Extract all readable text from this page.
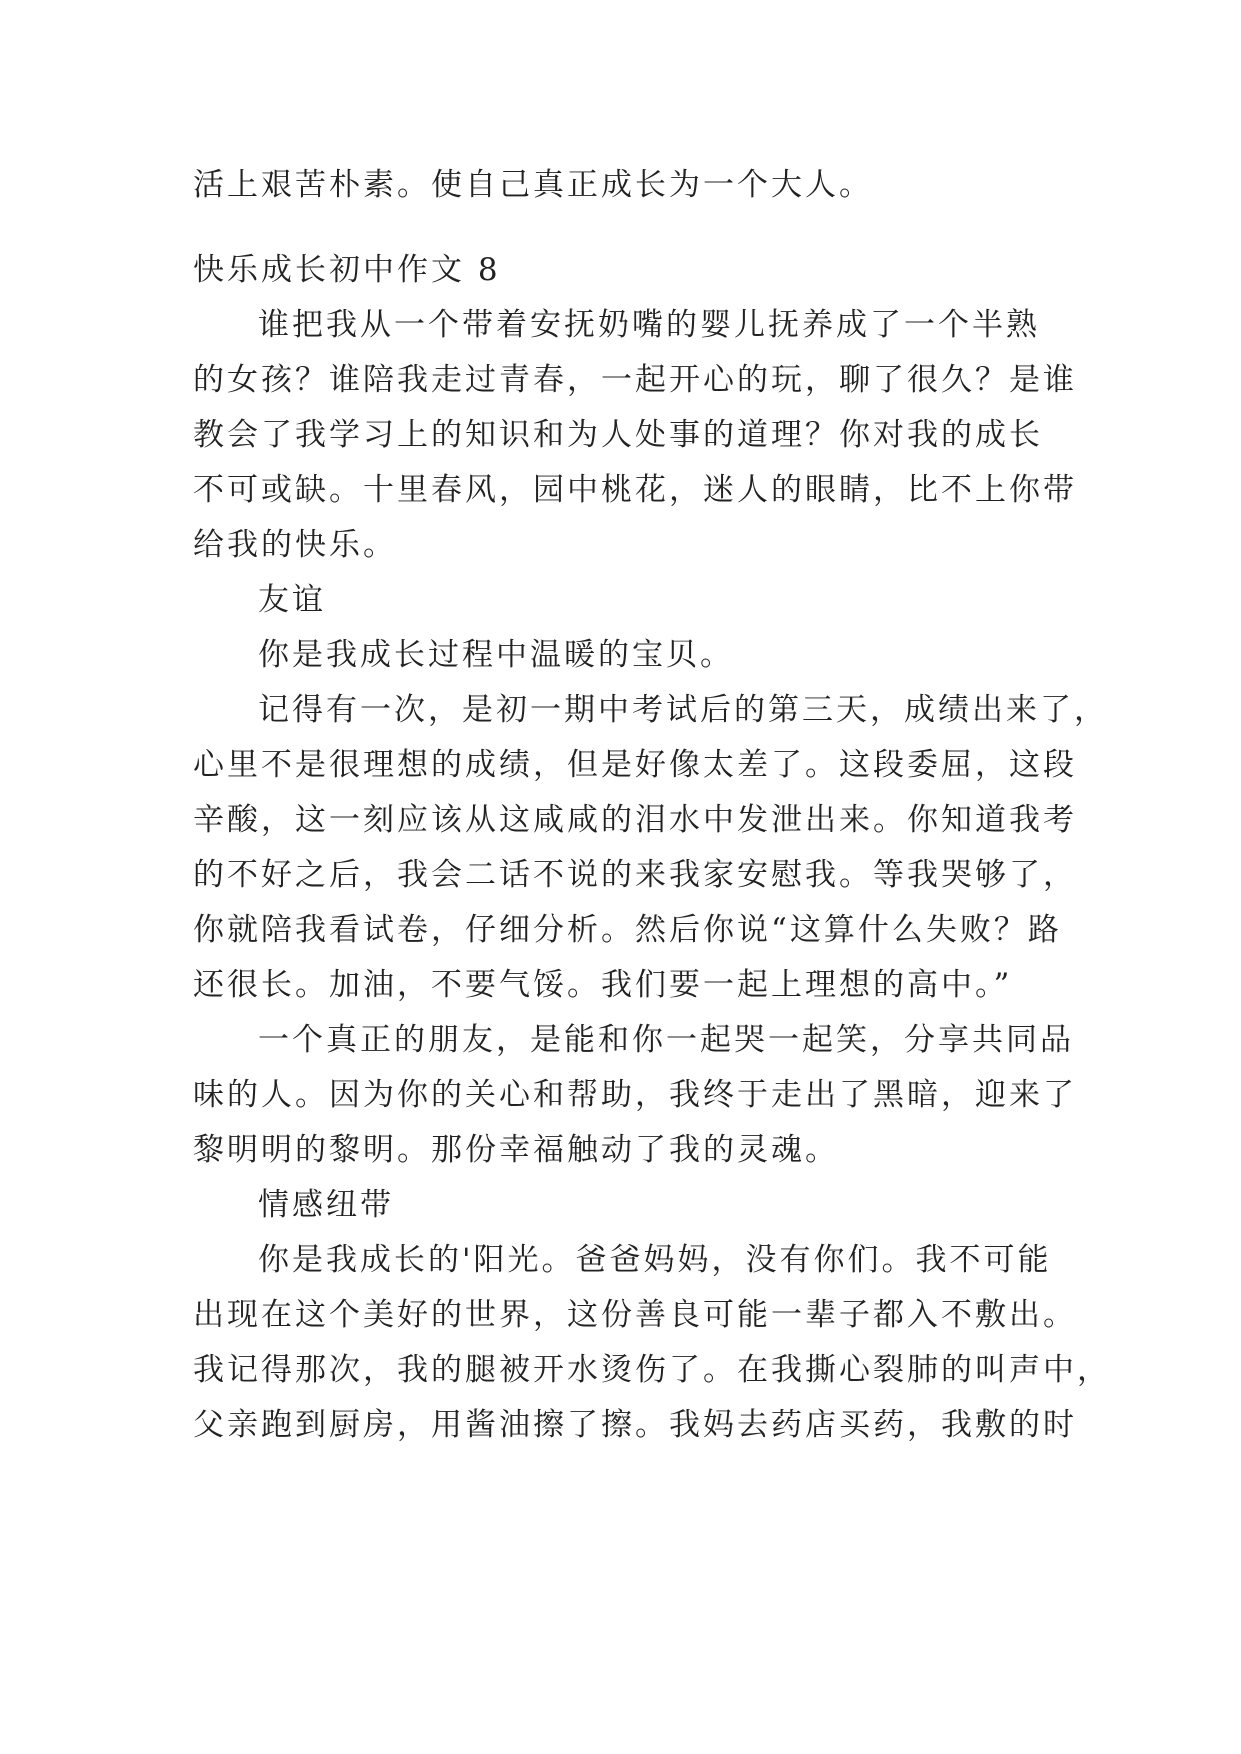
活上艰苦朴素。使自己真正成长为一个大人。
快乐成长初中作文 8
谁把我从一个带着安抚奶嘴的婴儿抚养成了一个半熟
的女孩？谁陪我走过青春，一起开心的玩，聊了很久？是谁
教会了我学习上的知识和为人处事的道理？你对我的成长
不可或缺。十里春风，园中桃花，迷人的眼睛，比不上你带
给我的快乐。
友谊
你是我成长过程中温暖的宝贝。
记得有一次，是初一期中考试后的第三天，成绩出来了，
心里不是很理想的成绩，但是好像太差了。这段委屈，这段
辛酸，这一刻应该从这咸咸的泪水中发泄出来。你知道我考
的不好之后，我会二话不说的来我家安慰我。等我哭够了，
你就陪我看试卷，仔细分析。然后你说“这算什么失败？路
还很长。加油，不要气馁。我们要一起上理想的高中。”
一个真正的朋友，是能和你一起哭一起笑，分享共同品
味的人。因为你的关心和帮助，我终于走出了黑暗，迎来了
黎明明的黎明。那份幸福触动了我的灵魂。
情感纽带
你是我成长的'阳光。爸爸妈妈，没有你们。我不可能
出现在这个美好的世界，这份善良可能一辈子都入不敷出。
我记得那次，我的腿被开水烫伤了。在我撕心裂肺的叫声中，
父亲跑到厨房，用酱油擦了擦。我妈去药店买药，我敷的时
